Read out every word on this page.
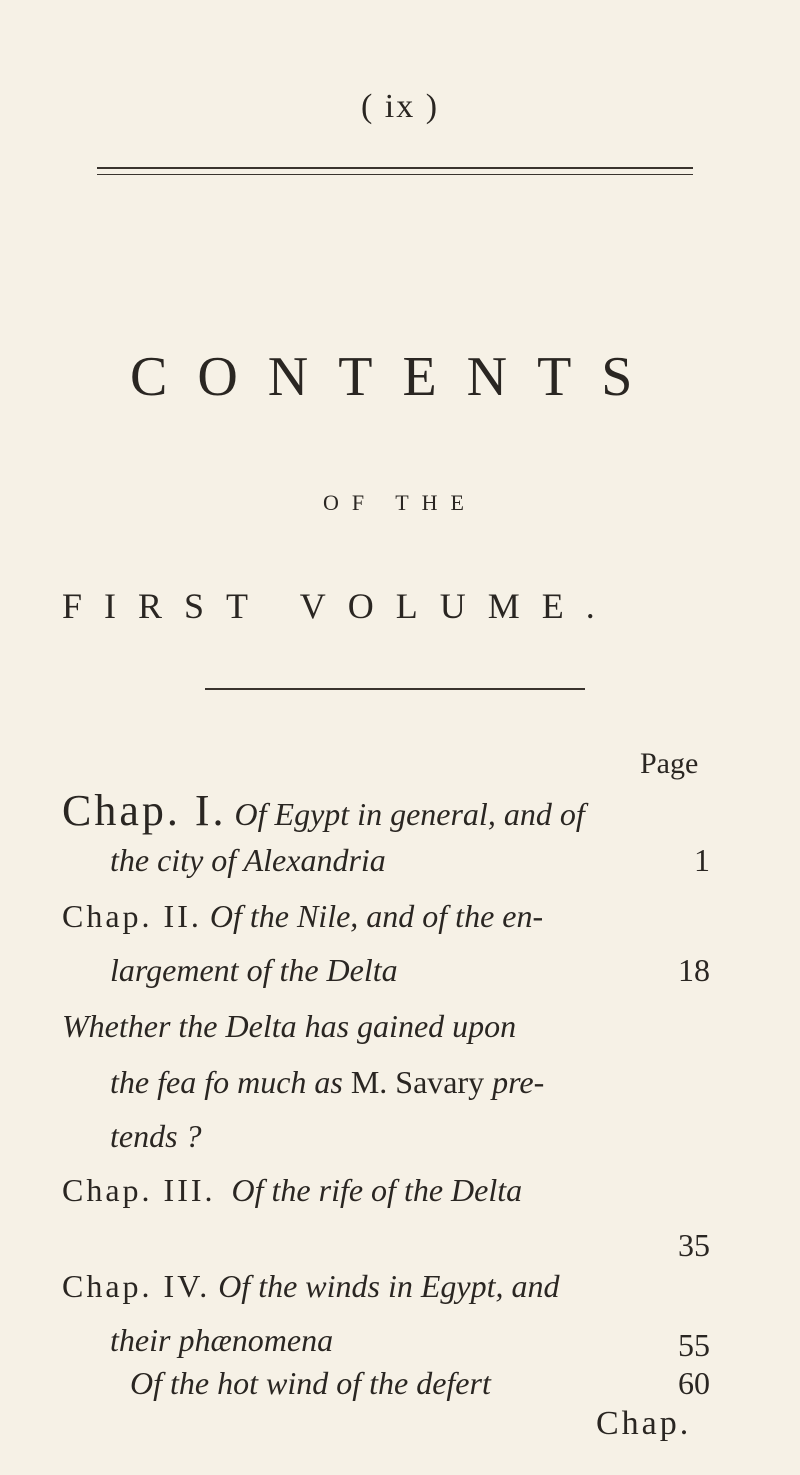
( ix )
CONTENTS
OF THE
FIRST VOLUME.
Page
Chap. I. Of Egypt in general, and of
the city of Alexandria	1
Chap. II. Of the Nile, and of the en-
largement of the Delta	18
Whether the Delta has gained upon
the fea fo much as M. Savary pre-
tends ?
Chap. III. Of the rife of the Delta
35
Chap. IV. Of the winds in Egypt, and
their phænomena	55
Of the hot wind of the defert	60
Chap.
